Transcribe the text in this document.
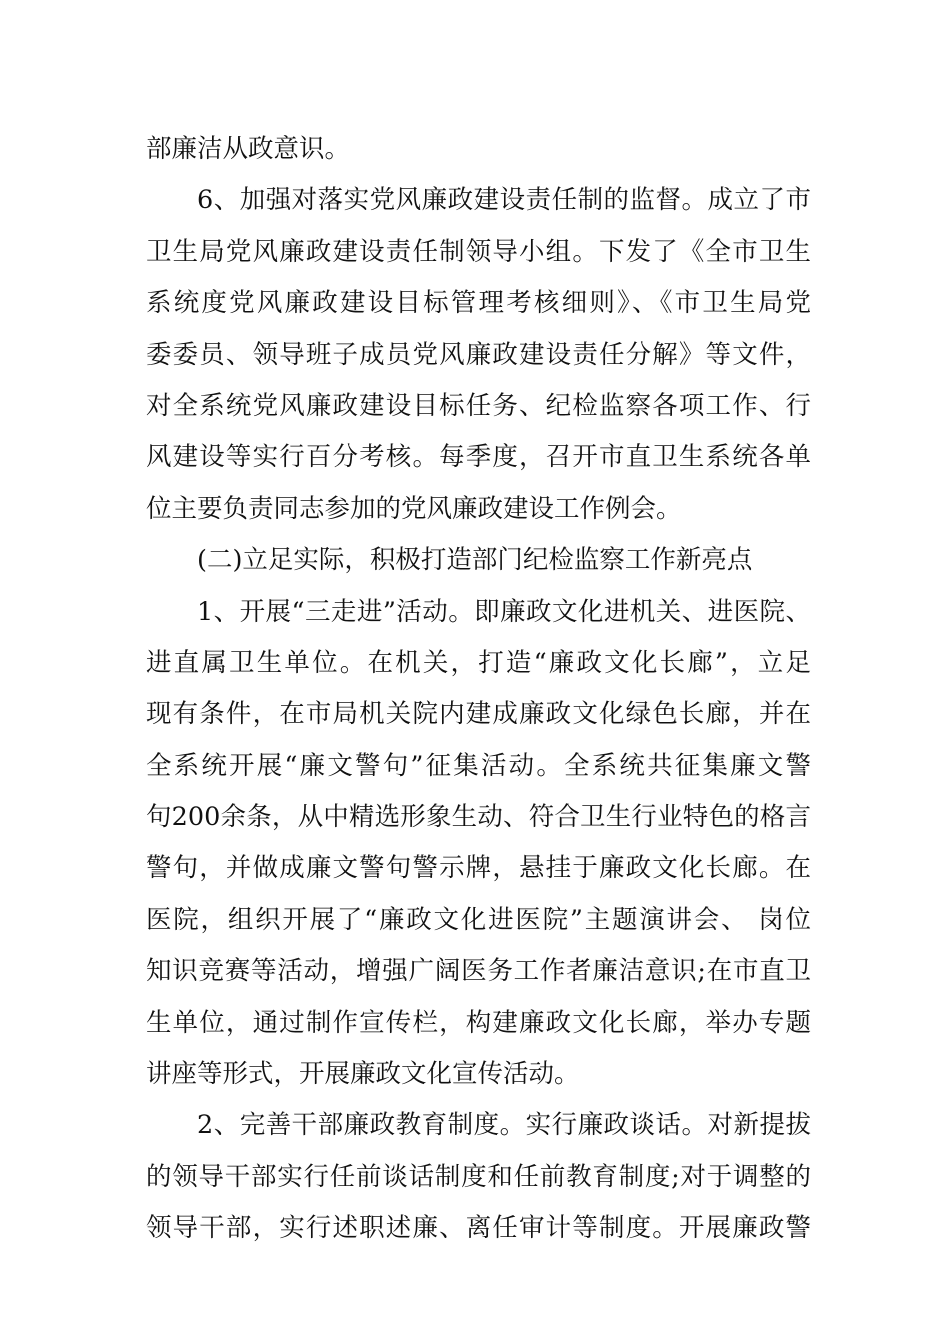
部廉洁从政意识。
6、加强对落实党风廉政建设责任制的监督。成立了市
卫生局党风廉政建设责任制领导小组。下发了《全市卫生
系统度党风廉政建设目标管理考核细则》、《市卫生局党
委委员、领导班子成员党风廉政建设责任分解》等文件，
对全系统党风廉政建设目标任务、纪检监察各项工作、行
风建设等实行百分考核。每季度，召开市直卫生系统各单
位主要负责同志参加的党风廉政建设工作例会。
(二)立足实际，积极打造部门纪检监察工作新亮点
1、开展“三走进”活动。即廉政文化进机关、进医院、
进直属卫生单位。在机关，打造“廉政文化长廊”，立足
现有条件，在市局机关院内建成廉政文化绿色长廊，并在
全系统开展“廉文警句”征集活动。全系统共征集廉文警
句200余条，从中精选形象生动、符合卫生行业特色的格言
警句，并做成廉文警句警示牌，悬挂于廉政文化长廊。在
医院，组织开展了“廉政文化进医院”主题演讲会、 岗位
知识竞赛等活动，增强广阔医务工作者廉洁意识;在市直卫
生单位，通过制作宣传栏，构建廉政文化长廊，举办专题
讲座等形式，开展廉政文化宣传活动。
2、完善干部廉政教育制度。实行廉政谈话。对新提拔
的领导干部实行任前谈话制度和任前教育制度;对于调整的
领导干部，实行述职述廉、离任审计等制度。开展廉政警
